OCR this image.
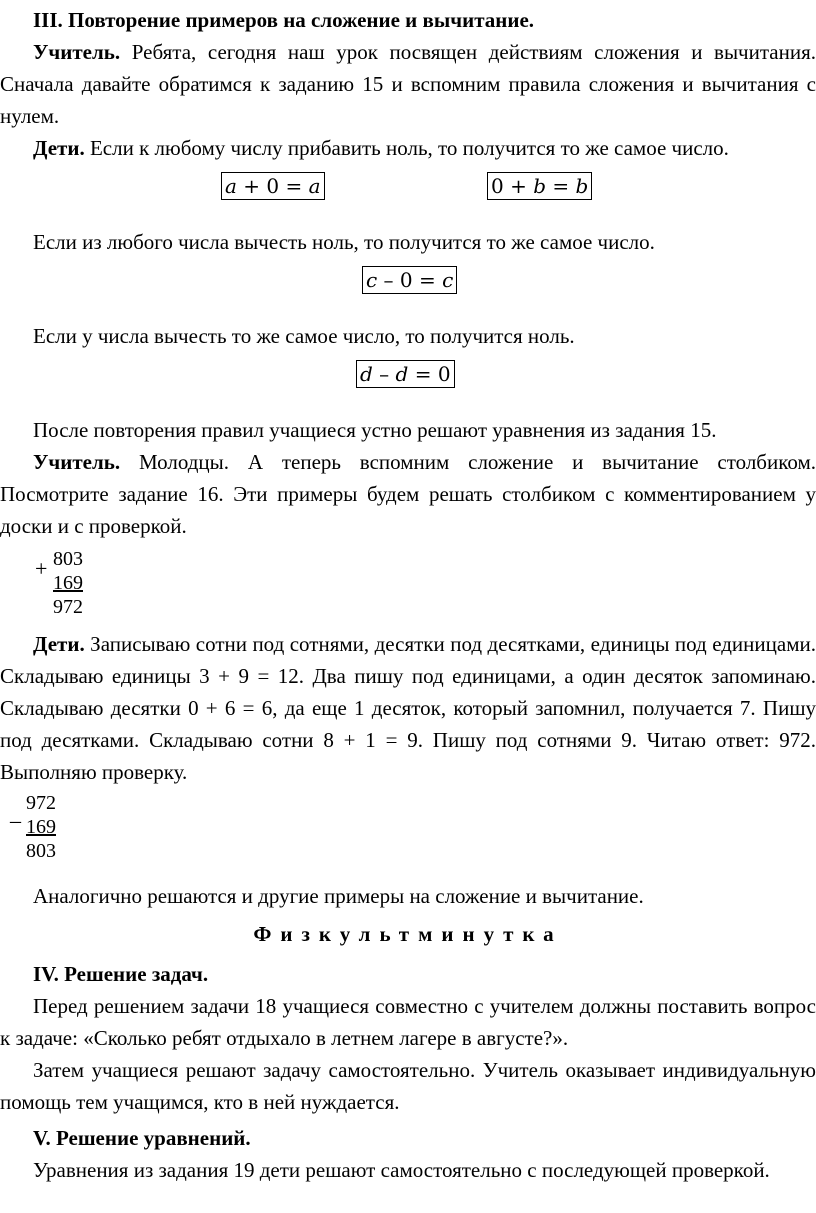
III. Повторение примеров на сложение и вычитание.

Учитель. Ребята, сегодня наш урок посвящен действиям сложения и вычитания. Сначала давайте обратимся к заданию 15 и вспомним правила сложения и вычитания с нулем.

Дети. Если к любому числу прибавить ноль, то получится то же самое число.

a + 0 = a	0 + b = b

Если из любого числа вычесть ноль, то получится то же самое число.

c – 0 = c

Если у числа вычесть то же самое число, то получится ноль.

d – d = 0

После повторения правил учащиеся устно решают уравнения из задания 15.

Учитель. Молодцы. А теперь вспомним сложение и вычитание столбиком. Посмотрите задание 16. Эти примеры будем решать столбиком с комментированием у доски и с проверкой.

+ 803
169
972

Дети. Записываю сотни под сотнями, десятки под десятками, единицы под единицами. Складываю единицы 3 + 9 = 12. Два пишу под единицами, а один десяток запоминаю. Складываю десятки 0 + 6 = 6, да еще 1 десяток, который запомнил, получается 7. Пишу под десятками. Складываю сотни 8 + 1 = 9. Пишу под сотнями 9. Читаю ответ: 972. Выполняю проверку.

_ 972
169
803

Аналогично решаются и другие примеры на сложение и вычитание.

Физкультминутка

IV. Решение задач.

Перед решением задачи 18 учащиеся совместно с учителем должны поставить вопрос к задаче: «Сколько ребят отдыхало в летнем лагере в августе?».

Затем учащиеся решают задачу самостоятельно. Учитель оказывает индивидуальную помощь тем учащимся, кто в ней нуждается.

V. Решение уравнений.

Уравнения из задания 19 дети решают самостоятельно с последующей проверкой.
